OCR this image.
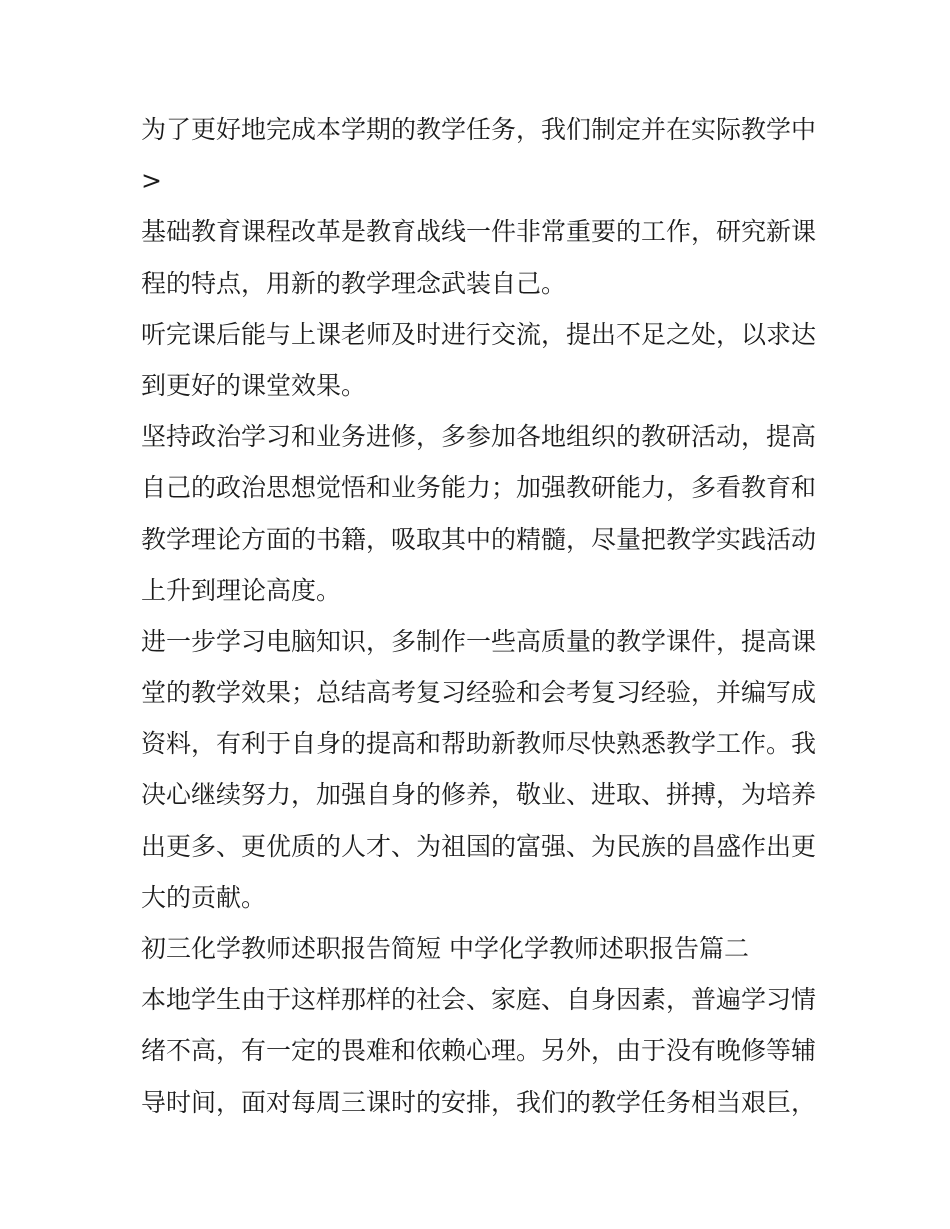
为了更好地完成本学期的教学任务，我们制定并在实际教学中
>
基础教育课程改革是教育战线一件非常重要的工作，研究新课
程的特点，用新的教学理念武装自己。
听完课后能与上课老师及时进行交流，提出不足之处，以求达
到更好的课堂效果。
坚持政治学习和业务进修，多参加各地组织的教研活动，提高
自己的政治思想觉悟和业务能力；加强教研能力，多看教育和
教学理论方面的书籍，吸取其中的精髓，尽量把教学实践活动
上升到理论高度。
进一步学习电脑知识，多制作一些高质量的教学课件，提高课
堂的教学效果；总结高考复习经验和会考复习经验，并编写成
资料，有利于自身的提高和帮助新教师尽快熟悉教学工作。我
决心继续努力，加强自身的修养，敬业、进取、拼搏，为培养
出更多、更优质的人才、为祖国的富强、为民族的昌盛作出更
大的贡献。
初三化学教师述职报告简短 中学化学教师述职报告篇二
本地学生由于这样那样的社会、家庭、自身因素，普遍学习情
绪不高，有一定的畏难和依赖心理。另外，由于没有晚修等辅
导时间，面对每周三课时的安排，我们的教学任务相当艰巨，
